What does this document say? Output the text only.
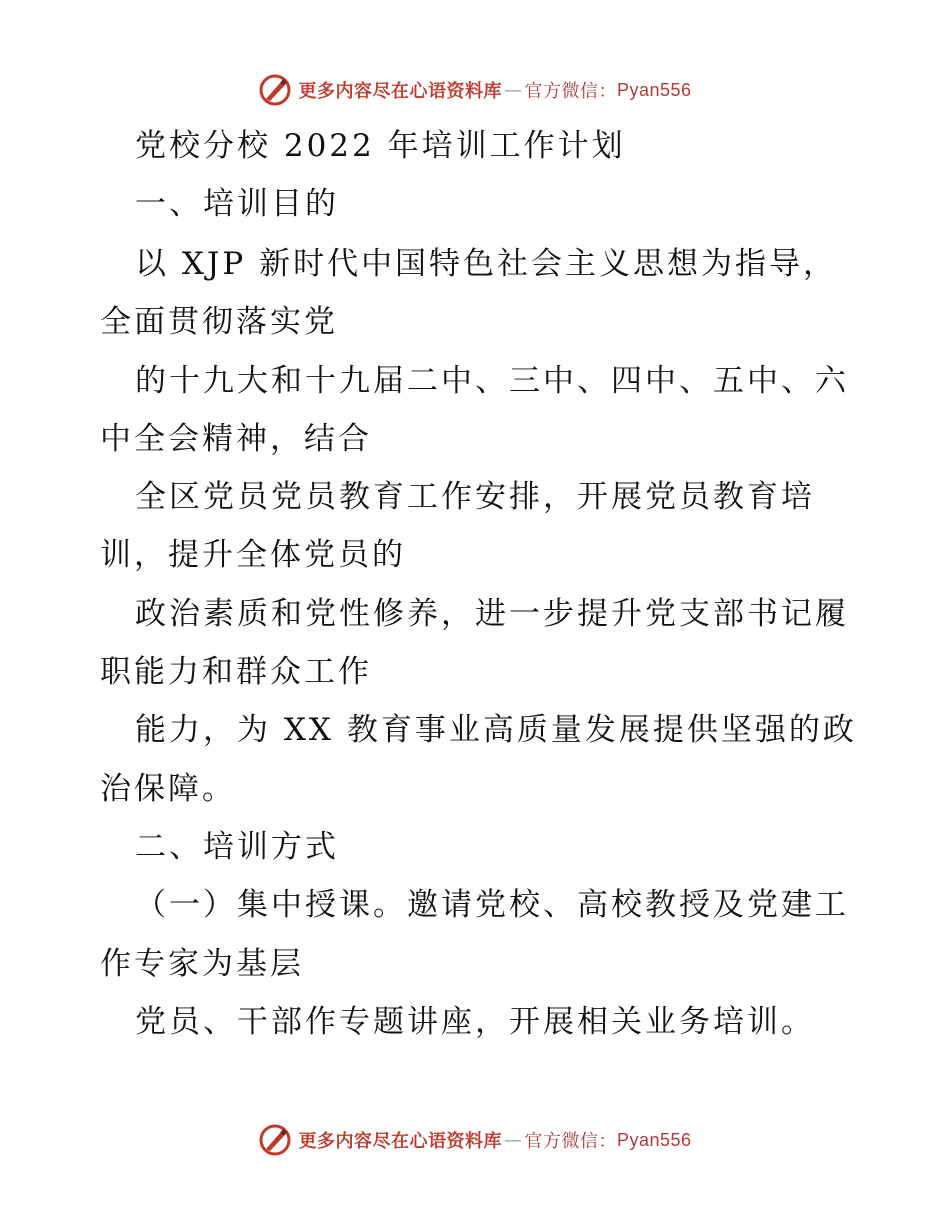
更多内容尽在心语资料库 — 官方微信： Pyan556
党校分校 2022 年培训工作计划
一、培训目的
以 XJP 新时代中国特色社会主义思想为指导，
全面贯彻落实党
的十九大和十九届二中、三中、四中、五中、六
中全会精神，结合
全区党员党员教育工作安排，开展党员教育培
训，提升全体党员的
政治素质和党性修养，进一步提升党支部书记履
职能力和群众工作
能力，为 XX 教育事业高质量发展提供坚强的政
治保障。
二、培训方式
（一）集中授课。邀请党校、高校教授及党建工
作专家为基层
党员、干部作专题讲座，开展相关业务培训。
更多内容尽在心语资料库 — 官方微信： Pyan556
